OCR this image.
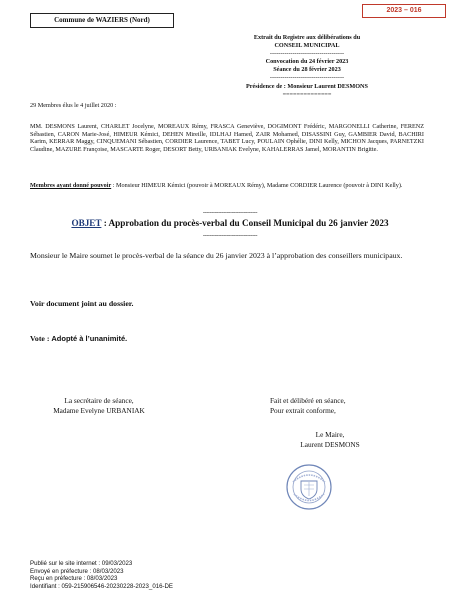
Commune de WAZIERS (Nord)
2023 – 016
Extrait du Registre aux délibérations du
CONSEIL MUNICIPAL
------------------------------------
Convocation du 24 février 2023
Séance du 28 février 2023
------------------------------------
Présidence de : Monsieur Laurent DESMONS
==============
29 Membres élus le 4 juillet 2020 :
MM. DESMONS Laurent, CHARLET Jocelyne, MOREAUX Rémy, FRASCA Geneviève, DOGIMONT Frédéric, MARGONELLI Catherine, FERENZ Sébastien, CARON Marie-José, HIMEUR Kémici, DEHEN Mireille, IDLHAJ Hamed, ZAIR Mohamed, DISASSINI Guy, GAMBIER David, BACHIRI Karim, KERRAR Maggy, CINQUEMANI Sébastien, CORDIER Laurence, TABET Lucy, POULAIN Ophélie, DINI Kelly, MICHON Jacques, PARNETZKI Claudine, MAZURE Françoise, MASCARTE Roger, DESORT Betty, URBANIAK Evelyne, KAHALERRAS Jamel, MORANTIN Brigitte.
Membres ayant donné pouvoir : Monsieur HIMEUR Kémici (pouvoir à MOREAUX Rémy), Madame CORDIER Laurence (pouvoir à DINI Kelly).
--------------------------------
OBJET : Approbation du procès-verbal du Conseil Municipal du 26 janvier 2023
--------------------------------
Monsieur le Maire soumet le procès-verbal de la séance du 26 janvier 2023 à l’approbation des conseillers municipaux.
Voir document joint au dossier.
Vote : Adopté à l’unanimité.
La secrétaire de séance,
Madame Evelyne URBANIAK
Fait et délibéré en séance,
Pour extrait conforme,
Le Maire,
Laurent DESMONS
Publié sur le site internet : 09/03/2023
Envoyé en préfecture : 08/03/2023
Reçu en préfecture : 08/03/2023
Identifiant : 059-215906546-20230228-2023_016-DE
